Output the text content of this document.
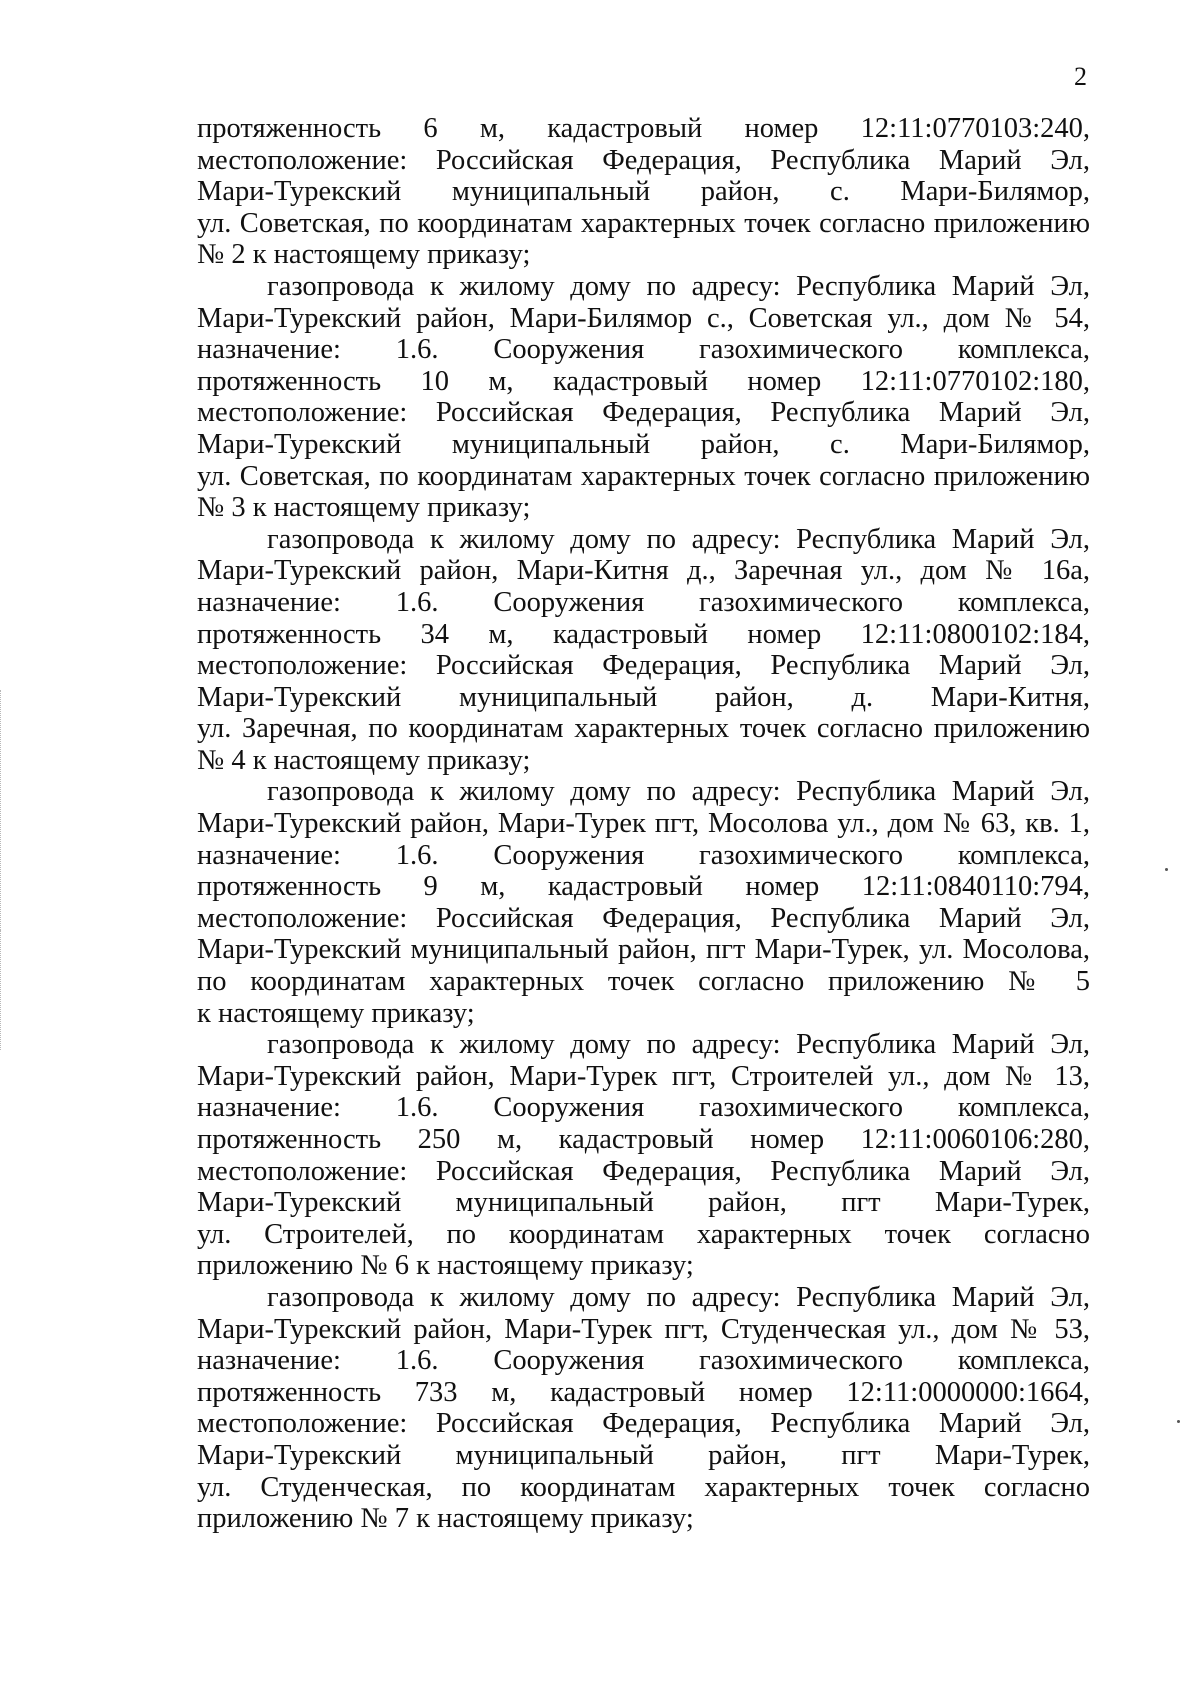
2
протяженность 6 м, кадастровый номер 12:11:0770103:240,
местоположение: Российская Федерация, Республика Марий Эл,
Мари-Турекский муниципальный район, с. Мари-Билямор,
ул. Советская, по координатам характерных точек согласно приложению
№ 2 к настоящему приказу;
газопровода к жилому дому по адресу: Республика Марий Эл,
Мари-Турекский район, Мари-Билямор с., Советская ул., дом № 54,
назначение: 1.6. Сооружения газохимического комплекса,
протяженность 10 м, кадастровый номер 12:11:0770102:180,
местоположение: Российская Федерация, Республика Марий Эл,
Мари-Турекский муниципальный район, с. Мари-Билямор,
ул. Советская, по координатам характерных точек согласно приложению
№ 3 к настоящему приказу;
газопровода к жилому дому по адресу: Республика Марий Эл,
Мари-Турекский район, Мари-Китня д., Заречная ул., дом № 16а,
назначение: 1.6. Сооружения газохимического комплекса,
протяженность 34 м, кадастровый номер 12:11:0800102:184,
местоположение: Российская Федерация, Республика Марий Эл,
Мари-Турекский муниципальный район, д. Мари-Китня,
ул. Заречная, по координатам характерных точек согласно приложению
№ 4 к настоящему приказу;
газопровода к жилому дому по адресу: Республика Марий Эл,
Мари-Турекский район, Мари-Турек пгт, Мосолова ул., дом № 63, кв. 1,
назначение: 1.6. Сооружения газохимического комплекса,
протяженность 9 м, кадастровый номер 12:11:0840110:794,
местоположение: Российская Федерация, Республика Марий Эл,
Мари-Турекский муниципальный район, пгт Мари-Турек, ул. Мосолова,
по координатам характерных точек согласно приложению № 5
к настоящему приказу;
газопровода к жилому дому по адресу: Республика Марий Эл,
Мари-Турекский район, Мари-Турек пгт, Строителей ул., дом № 13,
назначение: 1.6. Сооружения газохимического комплекса,
протяженность 250 м, кадастровый номер 12:11:0060106:280,
местоположение: Российская Федерация, Республика Марий Эл,
Мари-Турекский муниципальный район, пгт Мари-Турек,
ул. Строителей, по координатам характерных точек согласно
приложению № 6 к настоящему приказу;
газопровода к жилому дому по адресу: Республика Марий Эл,
Мари-Турекский район, Мари-Турек пгт, Студенческая ул., дом № 53,
назначение: 1.6. Сооружения газохимического комплекса,
протяженность 733 м, кадастровый номер 12:11:0000000:1664,
местоположение: Российская Федерация, Республика Марий Эл,
Мари-Турекский муниципальный район, пгт Мари-Турек,
ул. Студенческая, по координатам характерных точек согласно
приложению № 7 к настоящему приказу;
